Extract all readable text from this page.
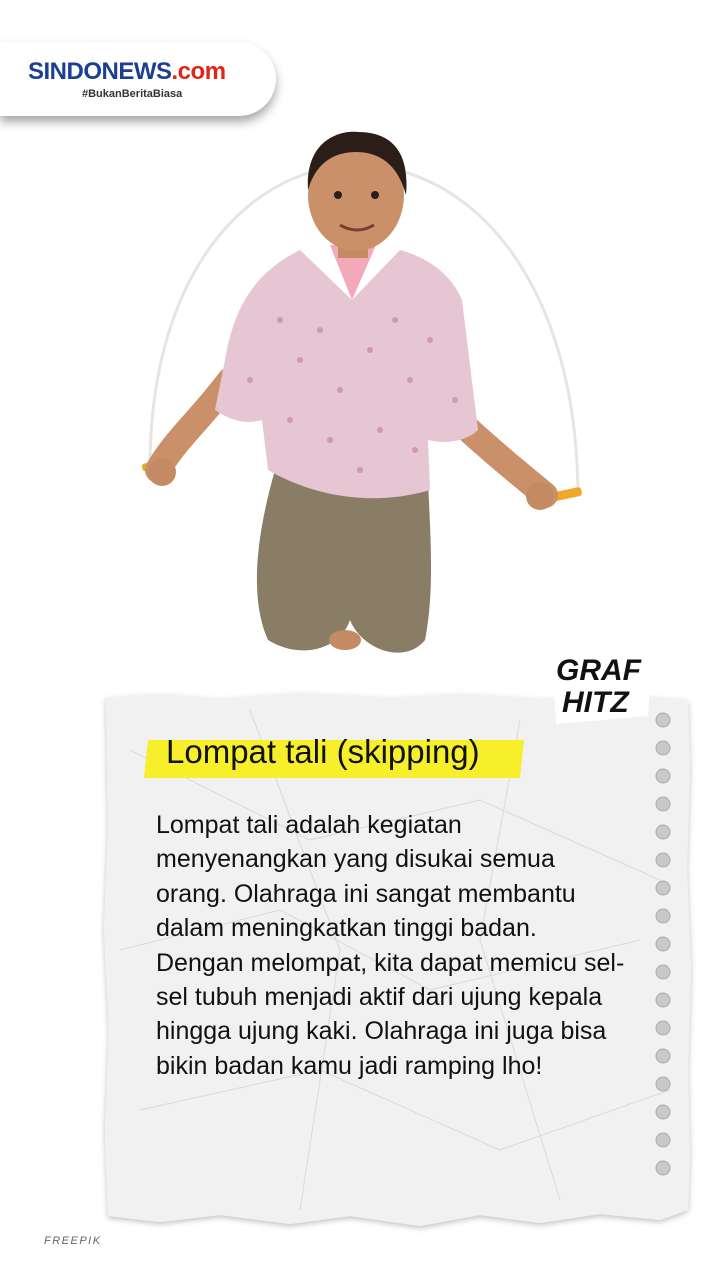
SINDONEWS.com
#BukanBeritaBiasa
GRAF
HITZ
Lompat tali (skipping)
Lompat tali adalah kegiatan menyenangkan yang disukai semua orang. Olahraga ini sangat membantu dalam meningkatkan tinggi badan. Dengan melompat, kita dapat memicu sel-sel tubuh menjadi aktif dari ujung kepala hingga ujung kaki. Olahraga ini juga bisa bikin badan kamu jadi ramping lho!
FREEPIK
